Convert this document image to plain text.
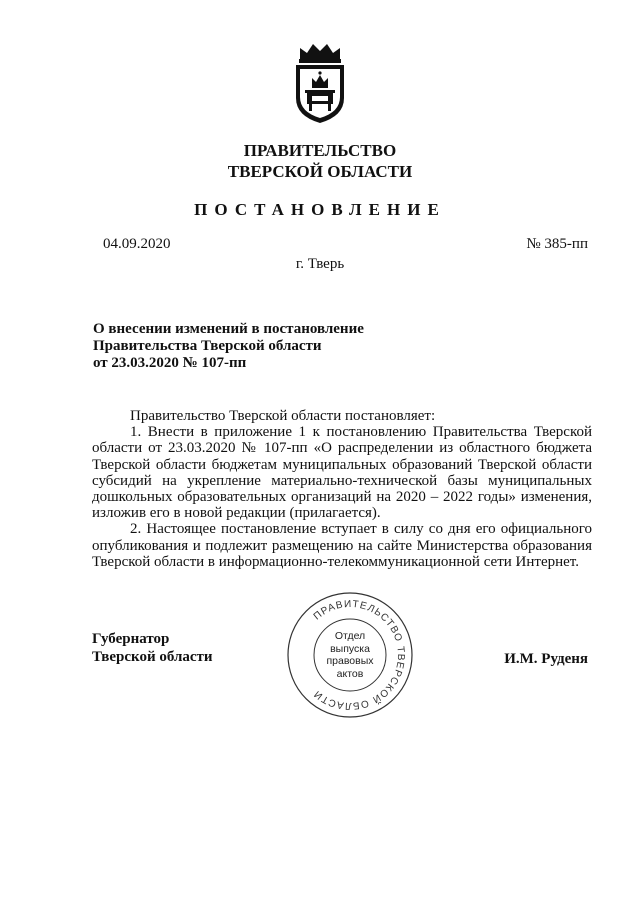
ПРАВИТЕЛЬСТВО
ТВЕРСКОЙ ОБЛАСТИ
ПОСТАНОВЛЕНИЕ
04.09.2020	№ 385-пп
г. Тверь
О внесении изменений в постановление
Правительства Тверской области
от 23.03.2020 № 107-пп

Правительство Тверской области постановляет:

1. Внести в приложение 1 к постановлению Правительства Тверской области от 23.03.2020 № 107-пп «О распределении из областного бюджета Тверской области бюджетам муниципальных образований Тверской области субсидий на укрепление материально-технической базы муниципальных дошкольных образовательных организаций на 2020 – 2022 годы» изменения, изложив его в новой редакции (прилагается).

2. Настоящее постановление вступает в силу со дня его официального опубликования и подлежит размещению на сайте Министерства образования Тверской области в информационно-телекоммуникационной сети Интернет.

Губернатор
Тверской области	И.М. Руденя
ПРАВИТЕЛЬСТВО ТВЕРСКОЙ ОБЛАСТИ
Отдел
выпуска
правовых
актов
